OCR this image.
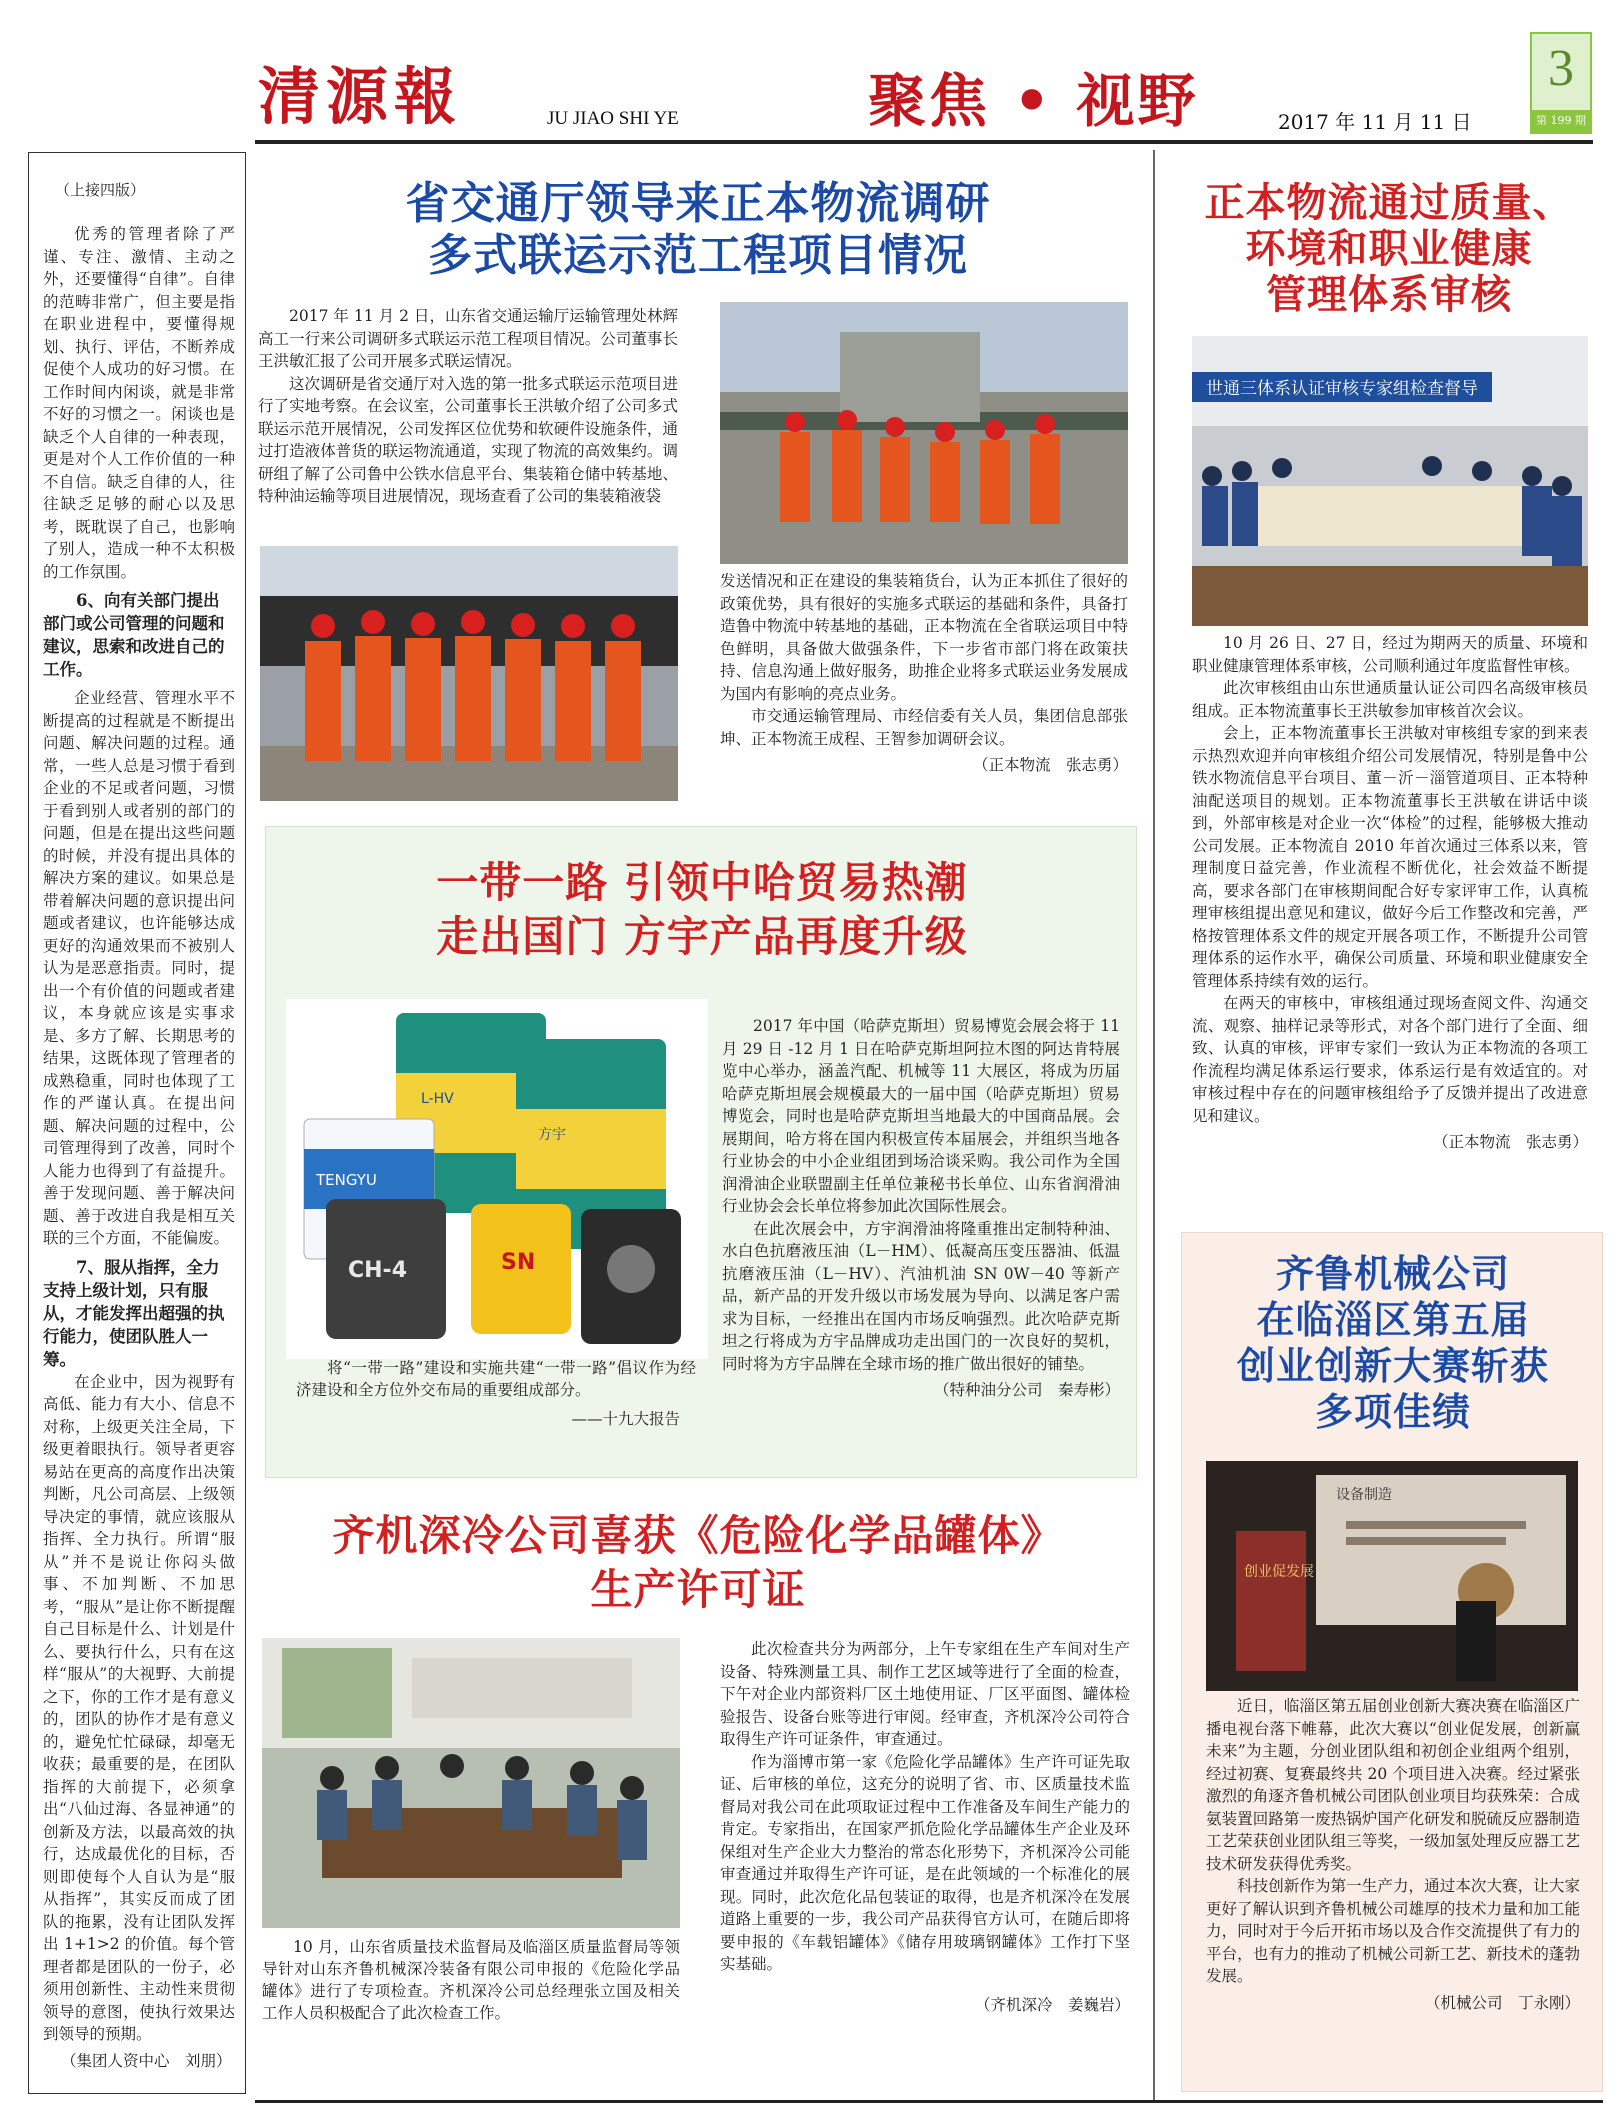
清源報	JU JIAO SHI YE	聚焦 • 视野	2017 年 11 月 11 日
3
第 199 期
（上接四版）

优秀的管理者除了严谨、专注、激情、主动之外，还要懂得“自律”。自律的范畴非常广，但主要是指在职业进程中，要懂得规划、执行、评估，不断养成促使个人成功的好习惯。在工作时间内闲谈，就是非常不好的习惯之一。闲谈也是缺乏个人自律的一种表现，更是对个人工作价值的一种不自信。缺乏自律的人，往往缺乏足够的耐心以及思考，既耽误了自己，也影响了别人，造成一种不太积极的工作氛围。

6、向有关部门提出部门或公司管理的问题和建议，思索和改进自己的工作。

企业经营、管理水平不断提高的过程就是不断提出问题、解决问题的过程。通常，一些人总是习惯于看到企业的不足或者问题，习惯于看到别人或者别的部门的问题，但是在提出这些问题的时候，并没有提出具体的解决方案的建议。如果总是带着解决问题的意识提出问题或者建议，也许能够达成更好的沟通效果而不被别人认为是恶意指责。同时，提出一个有价值的问题或者建议，本身就应该是实事求是、多方了解、长期思考的结果，这既体现了管理者的成熟稳重，同时也体现了工作的严谨认真。在提出问题、解决问题的过程中，公司管理得到了改善，同时个人能力也得到了有益提升。善于发现问题、善于解决问题、善于改进自我是相互关联的三个方面，不能偏废。

7、服从指挥，全力支持上级计划，只有服从，才能发挥出超强的执行能力，使团队胜人一筹。

在企业中，因为视野有高低、能力有大小、信息不对称，上级更关注全局，下级更着眼执行。领导者更容易站在更高的高度作出决策判断，凡公司高层、上级领导决定的事情，就应该服从指挥、全力执行。所谓“服从”并不是说让你闷头做事、不加判断、不加思考，“服从”是让你不断提醒自己目标是什么、计划是什么、要执行什么，只有在这样“服从”的大视野、大前提之下，你的工作才是有意义的，团队的协作才是有意义的，避免忙忙碌碌，却毫无收获；最重要的是，在团队指挥的大前提下，必须拿出“八仙过海、各显神通”的创新及方法，以最高效的执行，达成最优化的目标，否则即使每个人自认为是“服从指挥”，其实反而成了团队的拖累，没有让团队发挥出 1+1>2 的价值。每个管理者都是团队的一份子，必须用创新性、主动性来贯彻领导的意图，使执行效果达到领导的预期。

（集团人资中心　刘朋）
省交通厅领导来正本物流调研
多式联运示范工程项目情况

2017 年 11 月 2 日，山东省交通运输厅运输管理处林辉高工一行来公司调研多式联运示范工程项目情况。公司董事长王洪敏汇报了公司开展多式联运情况。

这次调研是省交通厅对入选的第一批多式联运示范项目进行了实地考察。在会议室，公司董事长王洪敏介绍了公司多式联运示范开展情况，公司发挥区位优势和软硬件设施条件，通过打造液体普货的联运物流通道，实现了物流的高效集约。调研组了解了公司鲁中公铁水信息平台、集装箱仓储中转基地、特种油运输等项目进展情况，现场查看了公司的集装箱液袋

发送情况和正在建设的集装箱货台，认为正本抓住了很好的政策优势，具有很好的实施多式联运的基础和条件，具备打造鲁中物流中转基地的基础，正本物流在全省联运项目中特色鲜明，具备做大做强条件，下一步省市部门将在政策扶持、信息沟通上做好服务，助推企业将多式联运业务发展成为国内有影响的亮点业务。

市交通运输管理局、市经信委有关人员，集团信息部张坤、正本物流王成程、王智参加调研会议。

（正本物流　张志勇）
正本物流通过质量、
环境和职业健康
管理体系审核
世通三体系认证审核专家组检查督导

10 月 26 日、27 日，经过为期两天的质量、环境和职业健康管理体系审核，公司顺利通过年度监督性审核。

此次审核组由山东世通质量认证公司四名高级审核员组成。正本物流董事长王洪敏参加审核首次会议。

会上，正本物流董事长王洪敏对审核组专家的到来表示热烈欢迎并向审核组介绍公司发展情况，特别是鲁中公铁水物流信息平台项目、董－沂－淄管道项目、正本特种油配送项目的规划。正本物流董事长王洪敏在讲话中谈到，外部审核是对企业一次“体检”的过程，能够极大推动公司发展。正本物流自 2010 年首次通过三体系以来，管理制度日益完善，作业流程不断优化，社会效益不断提高，要求各部门在审核期间配合好专家评审工作，认真梳理审核组提出意见和建议，做好今后工作整改和完善，严格按管理体系文件的规定开展各项工作，不断提升公司管理体系的运作水平，确保公司质量、环境和职业健康安全管理体系持续有效的运行。

在两天的审核中，审核组通过现场查阅文件、沟通交流、观察、抽样记录等形式，对各个部门进行了全面、细致、认真的审核，评审专家们一致认为正本物流的各项工作流程均满足体系运行要求，体系运行是有效适宜的。对审核过程中存在的问题审核组给予了反馈并提出了改进意见和建议。

（正本物流　张志勇）
一带一路 引领中哈贸易热潮
走出国门 方宇产品再度升级
L-HV
方宇
TENGYU
CH-4	SN

将“一带一路”建设和实施共建“一带一路”倡议作为经济建设和全方位外交布局的重要组成部分。

——十九大报告

2017 年中国（哈萨克斯坦）贸易博览会展会将于 11 月 29 日 -12 月 1 日在哈萨克斯坦阿拉木图的阿达肯特展览中心举办，涵盖汽配、机械等 11 大展区，将成为历届哈萨克斯坦展会规模最大的一届中国（哈萨克斯坦）贸易博览会，同时也是哈萨克斯坦当地最大的中国商品展。会展期间，哈方将在国内积极宣传本届展会，并组织当地各行业协会的中小企业组团到场洽谈采购。我公司作为全国润滑油企业联盟副主任单位兼秘书长单位、山东省润滑油行业协会会长单位将参加此次国际性展会。

在此次展会中，方宇润滑油将隆重推出定制特种油、水白色抗磨液压油（L－HM）、低凝高压变压器油、低温抗磨液压油（L－HV）、汽油机油 SN 0W－40 等新产品，新产品的开发升级以市场发展为导向、以满足客户需求为目标，一经推出在国内市场反响强烈。此次哈萨克斯坦之行将成为方宇品牌成功走出国门的一次良好的契机，同时将为方宇品牌在全球市场的推广做出很好的铺垫。

（特种油分公司　秦寿彬）
齐机深冷公司喜获《危险化学品罐体》
生产许可证

10 月，山东省质量技术监督局及临淄区质量监督局等领导针对山东齐鲁机械深冷装备有限公司申报的《危险化学品罐体》进行了专项检查。齐机深冷公司总经理张立国及相关工作人员积极配合了此次检查工作。

此次检查共分为两部分，上午专家组在生产车间对生产设备、特殊测量工具、制作工艺区域等进行了全面的检查，下午对企业内部资料厂区土地使用证、厂区平面图、罐体检验报告、设备台账等进行审阅。经审查，齐机深冷公司符合取得生产许可证条件，审查通过。

作为淄博市第一家《危险化学品罐体》生产许可证先取证、后审核的单位，这充分的说明了省、市、区质量技术监督局对我公司在此项取证过程中工作准备及车间生产能力的肯定。专家指出，在国家严抓危险化学品罐体生产企业及环保组对生产企业大力整治的常态化形势下，齐机深冷公司能审查通过并取得生产许可证，是在此领域的一个标准化的展现。同时，此次危化品包装证的取得，也是齐机深冷在发展道路上重要的一步，我公司产品获得官方认可，在随后即将要申报的《车载铝罐体》《储存用玻璃钢罐体》工作打下坚实基础。

（齐机深冷　姜巍岩）
齐鲁机械公司
在临淄区第五届
创业创新大赛斩获
多项佳绩
设备制造
创业促发展

近日，临淄区第五届创业创新大赛决赛在临淄区广播电视台落下帷幕，此次大赛以“创业促发展，创新赢未来”为主题，分创业团队组和初创企业组两个组别，经过初赛、复赛最终共 20 个项目进入决赛。经过紧张激烈的角逐齐鲁机械公司团队创业项目均获殊荣：合成氨装置回路第一废热锅炉国产化研发和脱硫反应器制造工艺荣获创业团队组三等奖，一级加氢处理反应器工艺技术研发获得优秀奖。

科技创新作为第一生产力，通过本次大赛，让大家更好了解认识到齐鲁机械公司雄厚的技术力量和加工能力，同时对于今后开拓市场以及合作交流提供了有力的平台，也有力的推动了机械公司新工艺、新技术的蓬勃发展。

（机械公司　丁永刚）
